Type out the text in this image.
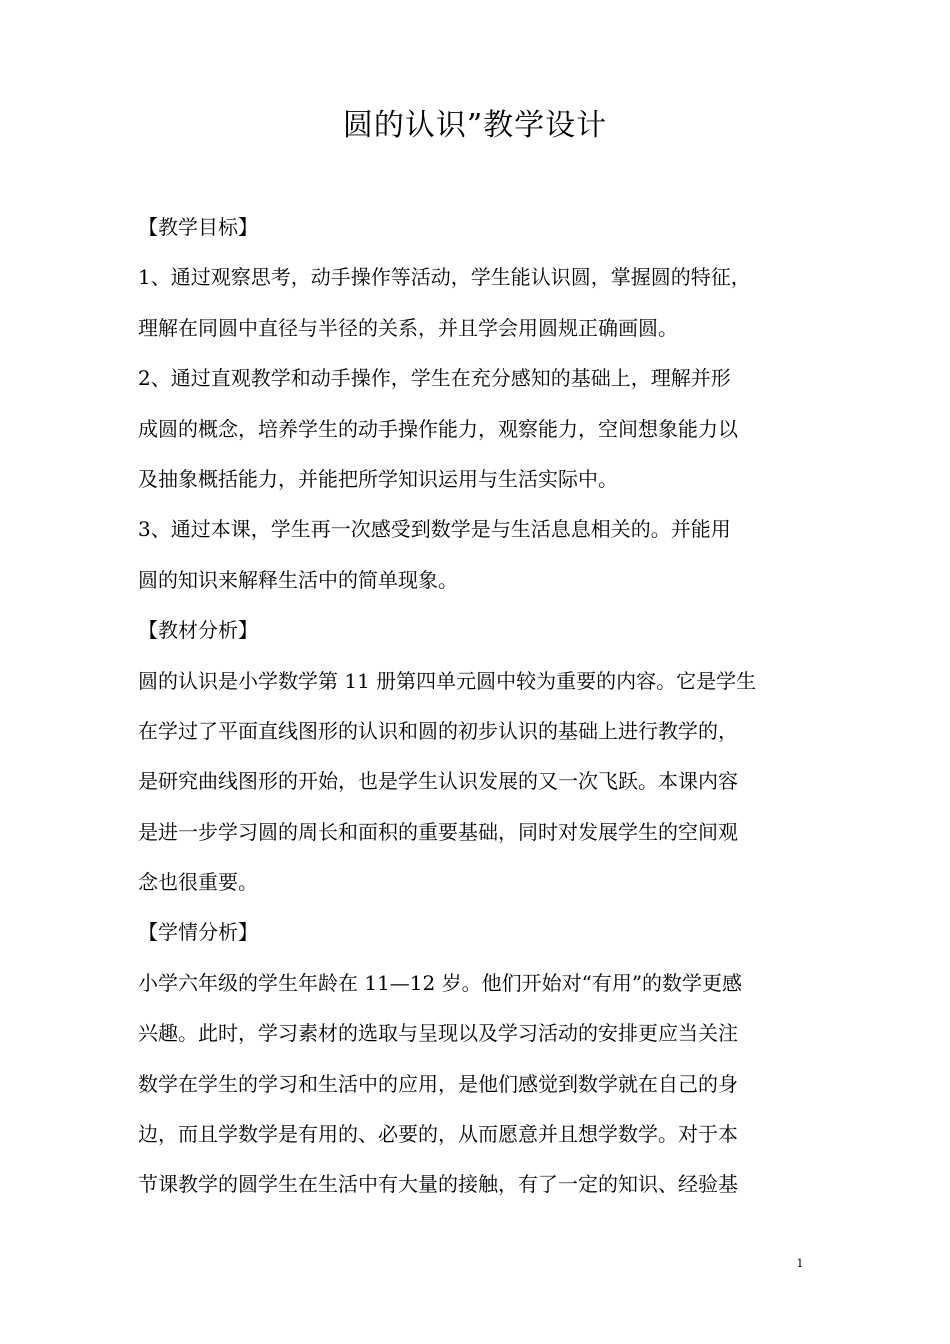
圆的认识”教学设计
【教学目标】
1、通过观察思考，动手操作等活动，学生能认识圆，掌握圆的特征，
理解在同圆中直径与半径的关系，并且学会用圆规正确画圆。
2、通过直观教学和动手操作，学生在充分感知的基础上，理解并形
成圆的概念，培养学生的动手操作能力，观察能力，空间想象能力以
及抽象概括能力，并能把所学知识运用与生活实际中。
3、通过本课，学生再一次感受到数学是与生活息息相关的。并能用
圆的知识来解释生活中的简单现象。
【教材分析】
圆的认识是小学数学第 11 册第四单元圆中较为重要的内容。它是学生
在学过了平面直线图形的认识和圆的初步认识的基础上进行教学的，
是研究曲线图形的开始，也是学生认识发展的又一次飞跃。本课内容
是进一步学习圆的周长和面积的重要基础，同时对发展学生的空间观
念也很重要。
【学情分析】
小学六年级的学生年龄在 11—12 岁。他们开始对“有用”的数学更感
兴趣。此时，学习素材的选取与呈现以及学习活动的安排更应当关注
数学在学生的学习和生活中的应用，是他们感觉到数学就在自己的身
边，而且学数学是有用的、必要的，从而愿意并且想学数学。对于本
节课教学的圆学生在生活中有大量的接触，有了一定的知识、经验基
1
